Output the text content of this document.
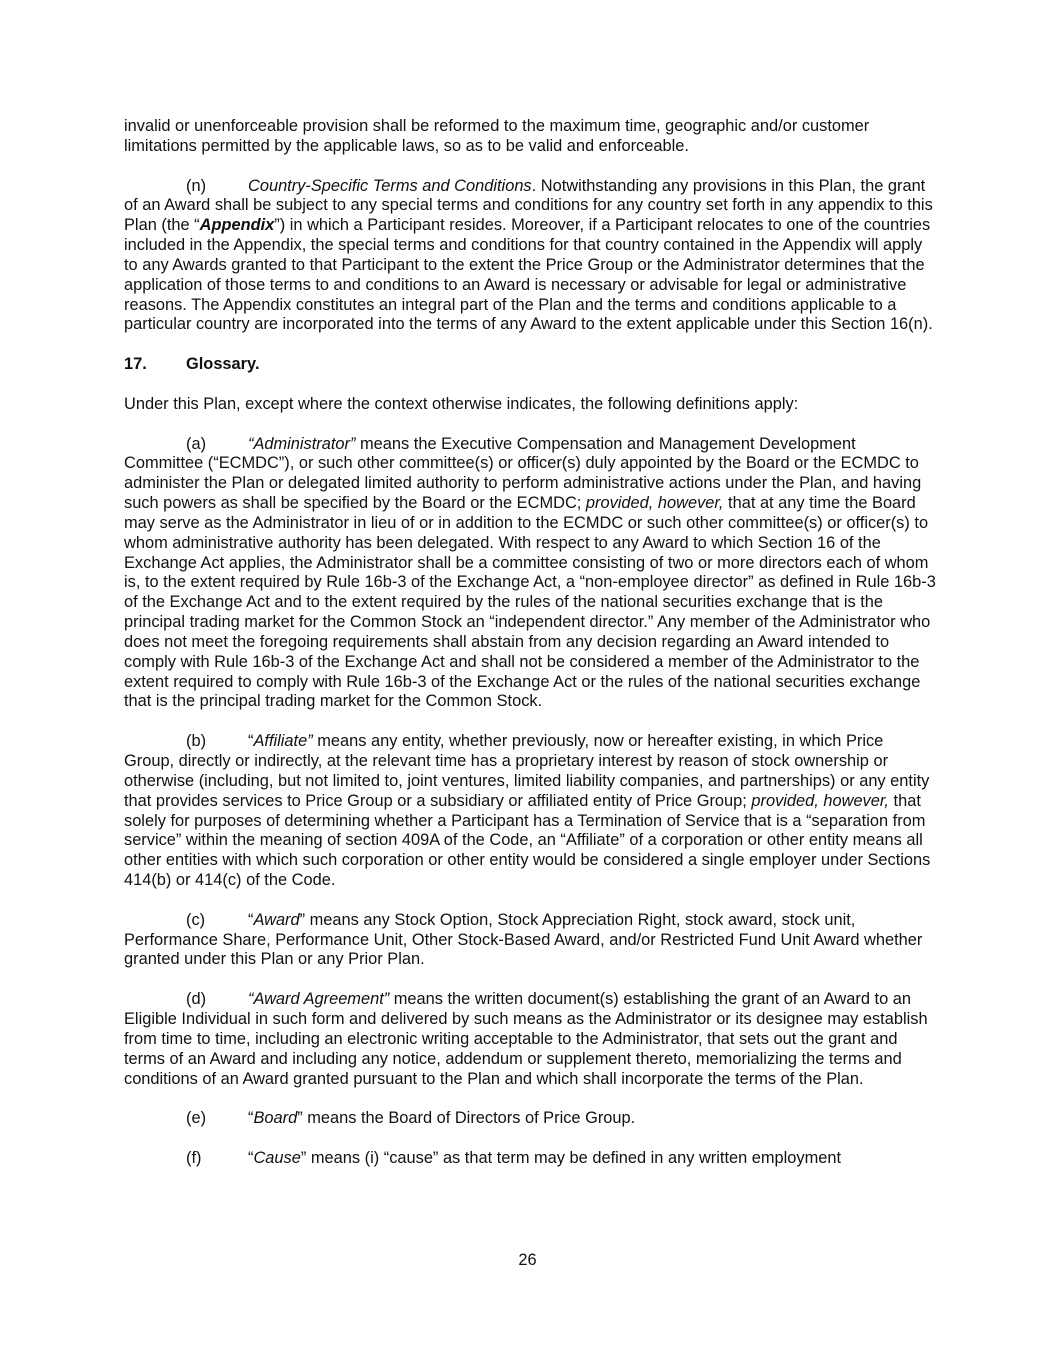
invalid or unenforceable provision shall be reformed to the maximum time, geographic and/or customer limitations permitted by the applicable laws, so as to be valid and enforceable.

(n)	Country-Specific Terms and Conditions. Notwithstanding any provisions in this Plan, the grant of an Award shall be subject to any special terms and conditions for any country set forth in any appendix to this Plan (the “Appendix”) in which a Participant resides. Moreover, if a Participant relocates to one of the countries included in the Appendix, the special terms and conditions for that country contained in the Appendix will apply to any Awards granted to that Participant to the extent the Price Group or the Administrator determines that the application of those terms to and conditions to an Award is necessary or advisable for legal or administrative reasons. The Appendix constitutes an integral part of the Plan and the terms and conditions applicable to a particular country are incorporated into the terms of any Award to the extent applicable under this Section 16(n).

17. Glossary.

Under this Plan, except where the context otherwise indicates, the following definitions apply:

(a)	“Administrator” means the Executive Compensation and Management Development Committee (“ECMDC”), or such other committee(s) or officer(s) duly appointed by the Board or the ECMDC to administer the Plan or delegated limited authority to perform administrative actions under the Plan, and having such powers as shall be specified by the Board or the ECMDC; provided, however, that at any time the Board may serve as the Administrator in lieu of or in addition to the ECMDC or such other committee(s) or officer(s) to whom administrative authority has been delegated. With respect to any Award to which Section 16 of the Exchange Act applies, the Administrator shall be a committee consisting of two or more directors each of whom is, to the extent required by Rule 16b-3 of the Exchange Act, a “non-employee director” as defined in Rule 16b-3 of the Exchange Act and to the extent required by the rules of the national securities exchange that is the principal trading market for the Common Stock an “independent director.” Any member of the Administrator who does not meet the foregoing requirements shall abstain from any decision regarding an Award intended to comply with Rule 16b-3 of the Exchange Act and shall not be considered a member of the Administrator to the extent required to comply with Rule 16b-3 of the Exchange Act or the rules of the national securities exchange that is the principal trading market for the Common Stock.

(b)	“Affiliate” means any entity, whether previously, now or hereafter existing, in which Price Group, directly or indirectly, at the relevant time has a proprietary interest by reason of stock ownership or otherwise (including, but not limited to, joint ventures, limited liability companies, and partnerships) or any entity that provides services to Price Group or a subsidiary or affiliated entity of Price Group; provided, however, that solely for purposes of determining whether a Participant has a Termination of Service that is a “separation from service” within the meaning of section 409A of the Code, an “Affiliate” of a corporation or other entity means all other entities with which such corporation or other entity would be considered a single employer under Sections 414(b) or 414(c) of the Code.

(c)	“Award” means any Stock Option, Stock Appreciation Right, stock award, stock unit, Performance Share, Performance Unit, Other Stock-Based Award, and/or Restricted Fund Unit Award whether granted under this Plan or any Prior Plan.

(d)	“Award Agreement” means the written document(s) establishing the grant of an Award to an Eligible Individual in such form and delivered by such means as the Administrator or its designee may establish from time to time, including an electronic writing acceptable to the Administrator, that sets out the grant and terms of an Award and including any notice, addendum or supplement thereto, memorializing the terms and conditions of an Award granted pursuant to the Plan and which shall incorporate the terms of the Plan.

(e)	“Board” means the Board of Directors of Price Group.

(f)	“Cause” means (i) “cause” as that term may be defined in any written employment

26
